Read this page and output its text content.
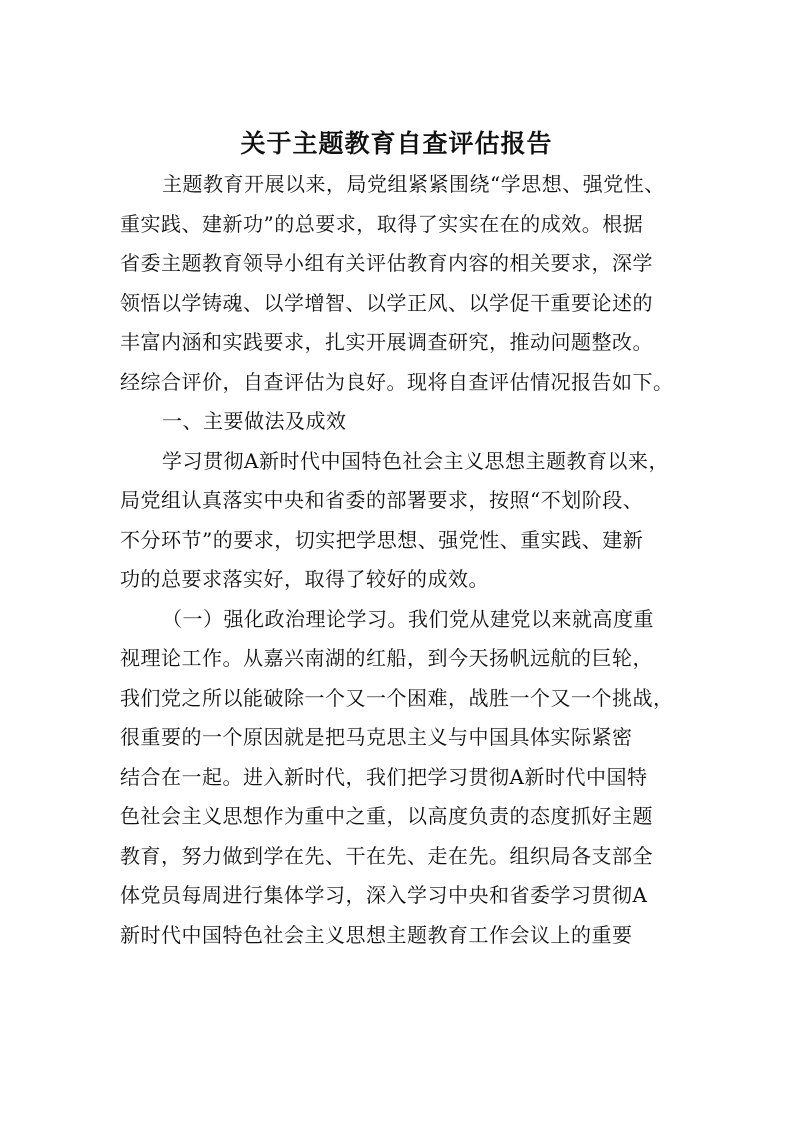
关于主题教育自查评估报告
主题教育开展以来，局党组紧紧围绕“学思想、强党性、
重实践、建新功”的总要求，取得了实实在在的成效。根据
省委主题教育领导小组有关评估教育内容的相关要求，深学
领悟以学铸魂、以学增智、以学正风、以学促干重要论述的
丰富内涵和实践要求，扎实开展调查研究，推动问题整改。
经综合评价，自查评估为良好。现将自查评估情况报告如下。
一、主要做法及成效
学习贯彻A新时代中国特色社会主义思想主题教育以来，
局党组认真落实中央和省委的部署要求，按照“不划阶段、
不分环节”的要求，切实把学思想、强党性、重实践、建新
功的总要求落实好，取得了较好的成效。
（一）强化政治理论学习。我们党从建党以来就高度重
视理论工作。从嘉兴南湖的红船，到今天扬帆远航的巨轮，
我们党之所以能破除一个又一个困难，战胜一个又一个挑战，
很重要的一个原因就是把马克思主义与中国具体实际紧密
结合在一起。进入新时代，我们把学习贯彻A新时代中国特
色社会主义思想作为重中之重，以高度负责的态度抓好主题
教育，努力做到学在先、干在先、走在先。组织局各支部全
体党员每周进行集体学习，深入学习中央和省委学习贯彻A
新时代中国特色社会主义思想主题教育工作会议上的重要
